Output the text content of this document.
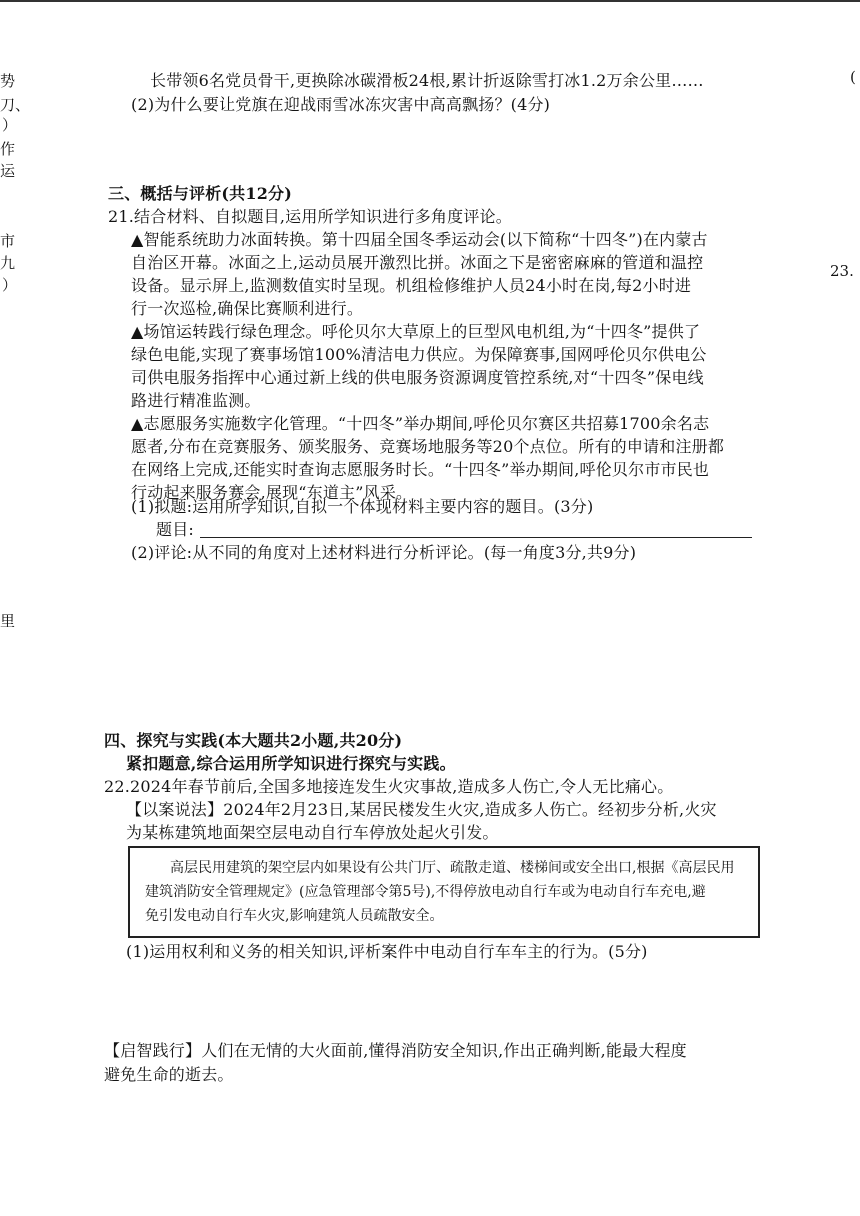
势
刀、
）
作
运
市
九
）
里
(
23.
长带领6名党员骨干,更换除冰碳滑板24根,累计折返除雪打冰1.2万余公里……
(2)为什么要让党旗在迎战雨雪冰冻灾害中高高飘扬？(4分)
三、概括与评析(共12分)
21.结合材料、自拟题目,运用所学知识进行多角度评论。
▲智能系统助力冰面转换。第十四届全国冬季运动会(以下简称“十四冬”)在内蒙古
自治区开幕。冰面之上,运动员展开激烈比拼。冰面之下是密密麻麻的管道和温控
设备。显示屏上,监测数值实时呈现。机组检修维护人员24小时在岗,每2小时进
行一次巡检,确保比赛顺利进行。
▲场馆运转践行绿色理念。呼伦贝尔大草原上的巨型风电机组,为“十四冬”提供了
绿色电能,实现了赛事场馆100%清洁电力供应。为保障赛事,国网呼伦贝尔供电公
司供电服务指挥中心通过新上线的供电服务资源调度管控系统,对“十四冬”保电线
路进行精准监测。
▲志愿服务实施数字化管理。“十四冬”举办期间,呼伦贝尔赛区共招募1700余名志
愿者,分布在竞赛服务、颁奖服务、竞赛场地服务等20个点位。所有的申请和注册都
在网络上完成,还能实时查询志愿服务时长。“十四冬”举办期间,呼伦贝尔市市民也
行动起来服务赛会,展现“东道主”风采。
(1)拟题:运用所学知识,自拟一个体现材料主要内容的题目。(3分)
题目:
(2)评论:从不同的角度对上述材料进行分析评论。(每一角度3分,共9分)
四、探究与实践(本大题共2小题,共20分)
紧扣题意,综合运用所学知识进行探究与实践。
22.2024年春节前后,全国多地接连发生火灾事故,造成多人伤亡,令人无比痛心。
【以案说法】2024年2月23日,某居民楼发生火灾,造成多人伤亡。经初步分析,火灾
为某栋建筑地面架空层电动自行车停放处起火引发。
高层民用建筑的架空层内如果设有公共门厅、疏散走道、楼梯间或安全出口,根据《高层民用
建筑消防安全管理规定》(应急管理部令第5号),不得停放电动自行车或为电动自行车充电,避
免引发电动自行车火灾,影响建筑人员疏散安全。
(1)运用权利和义务的相关知识,评析案件中电动自行车车主的行为。(5分)
【启智践行】人们在无情的大火面前,懂得消防安全知识,作出正确判断,能最大程度
避免生命的逝去。
